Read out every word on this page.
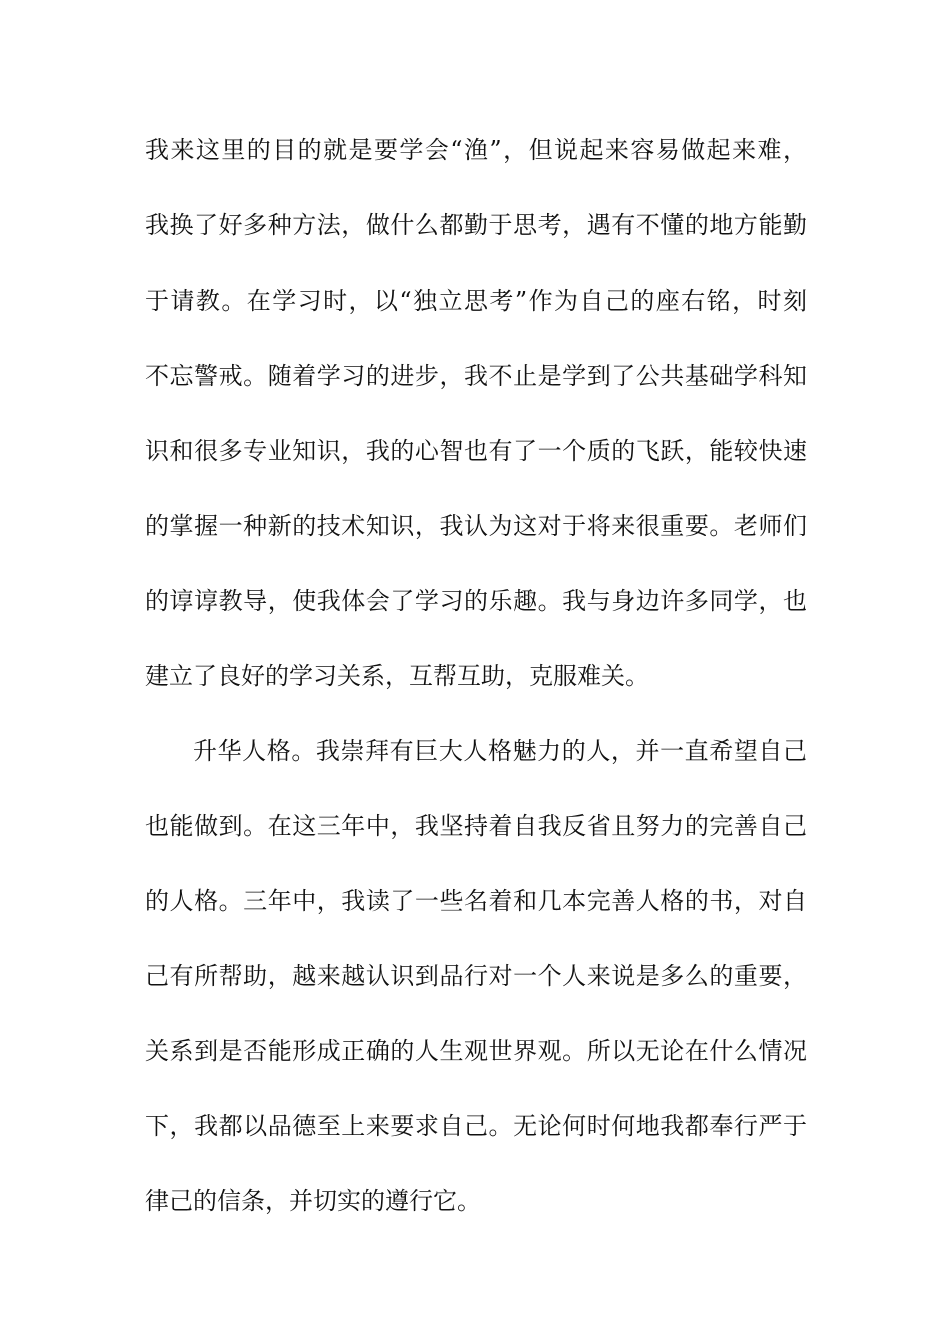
我来这里的目的就是要学会“渔”，但说起来容易做起来难，
我换了好多种方法，做什么都勤于思考，遇有不懂的地方能勤
于请教。在学习时，以“独立思考”作为自己的座右铭，时刻
不忘警戒。随着学习的进步，我不止是学到了公共基础学科知
识和很多专业知识，我的心智也有了一个质的飞跃，能较快速
的掌握一种新的技术知识，我认为这对于将来很重要。老师们
的谆谆教导，使我体会了学习的乐趣。我与身边许多同学，也
建立了良好的学习关系，互帮互助，克服难关。
升华人格。我崇拜有巨大人格魅力的人，并一直希望自己
也能做到。在这三年中，我坚持着自我反省且努力的完善自己
的人格。三年中，我读了一些名着和几本完善人格的书，对自
己有所帮助，越来越认识到品行对一个人来说是多么的重要，
关系到是否能形成正确的人生观世界观。所以无论在什么情况
下，我都以品德至上来要求自己。无论何时何地我都奉行严于
律己的信条，并切实的遵行它。
